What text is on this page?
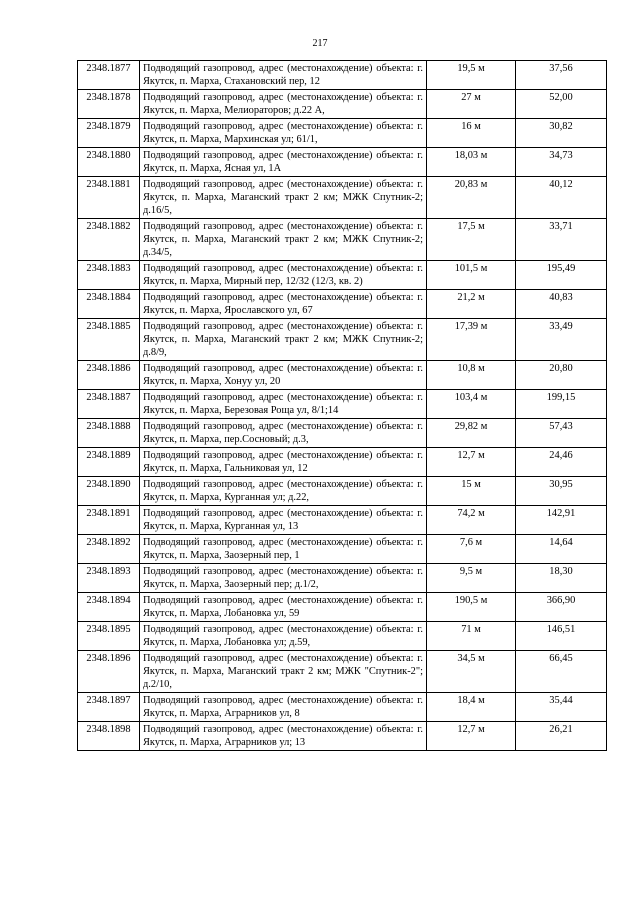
217
2348.1877	Подводящий газопровод, адрес (местонахождение) объекта: г. Якутск, п. Марха, Стахановский пер, 12	19,5 м	37,56
2348.1878	Подводящий газопровод, адрес (местонахождение) объекта: г. Якутск, п. Марха, Мелиораторов; д.22 А,	27 м	52,00
2348.1879	Подводящий газопровод, адрес (местонахождение) объекта: г. Якутск, п. Марха, Мархинская ул; 61/1,	16 м	30,82
2348.1880	Подводящий газопровод, адрес (местонахождение) объекта: г. Якутск, п. Марха, Ясная ул, 1А	18,03 м	34,73
2348.1881	Подводящий газопровод, адрес (местонахождение) объекта: г. Якутск, п. Марха, Маганский тракт 2 км; МЖК Спутник-2; д.16/5,	20,83 м	40,12
2348.1882	Подводящий газопровод, адрес (местонахождение) объекта: г. Якутск, п. Марха, Маганский тракт 2 км; МЖК Спутник-2; д.34/5,	17,5 м	33,71
2348.1883	Подводящий газопровод, адрес (местонахождение) объекта: г. Якутск, п. Марха, Мирный пер, 12/32 (12/3, кв. 2)	101,5 м	195,49
2348.1884	Подводящий газопровод, адрес (местонахождение) объекта: г. Якутск, п. Марха, Ярославского ул, 67	21,2 м	40,83
2348.1885	Подводящий газопровод, адрес (местонахождение) объекта: г. Якутск, п. Марха, Маганский тракт 2 км; МЖК Спутник-2; д.8/9,	17,39 м	33,49
2348.1886	Подводящий газопровод, адрес (местонахождение) объекта: г. Якутск, п. Марха, Хонуу ул, 20	10,8 м	20,80
2348.1887	Подводящий газопровод, адрес (местонахождение) объекта: г. Якутск, п. Марха, Березовая Роща ул, 8/1;14	103,4 м	199,15
2348.1888	Подводящий газопровод, адрес (местонахождение) объекта: г. Якутск, п. Марха, пер.Сосновый; д.3,	29,82 м	57,43
2348.1889	Подводящий газопровод, адрес (местонахождение) объекта: г. Якутск, п. Марха, Гальниковая ул, 12	12,7 м	24,46
2348.1890	Подводящий газопровод, адрес (местонахождение) объекта: г. Якутск, п. Марха, Курганная ул; д.22,	15 м	30,95
2348.1891	Подводящий газопровод, адрес (местонахождение) объекта: г. Якутск, п. Марха, Курганная ул, 13	74,2 м	142,91
2348.1892	Подводящий газопровод, адрес (местонахождение) объекта: г. Якутск, п. Марха, Заозерный пер, 1	7,6 м	14,64
2348.1893	Подводящий газопровод, адрес (местонахождение) объекта: г. Якутск, п. Марха, Заозерный пер; д.1/2,	9,5 м	18,30
2348.1894	Подводящий газопровод, адрес (местонахождение) объекта: г. Якутск, п. Марха, Лобановка ул, 59	190,5 м	366,90
2348.1895	Подводящий газопровод, адрес (местонахождение) объекта: г. Якутск, п. Марха, Лобановка ул; д.59,	71 м	146,51
2348.1896	Подводящий газопровод, адрес (местонахождение) объекта: г. Якутск, п. Марха, Маганский тракт 2 км; МЖК "Спутник-2"; д.2/10,	34,5 м	66,45
2348.1897	Подводящий газопровод, адрес (местонахождение) объекта: г. Якутск, п. Марха, Аграрников ул, 8	18,4 м	35,44
2348.1898	Подводящий газопровод, адрес (местонахождение) объекта: г. Якутск, п. Марха, Аграрников ул; 13	12,7 м	26,21
